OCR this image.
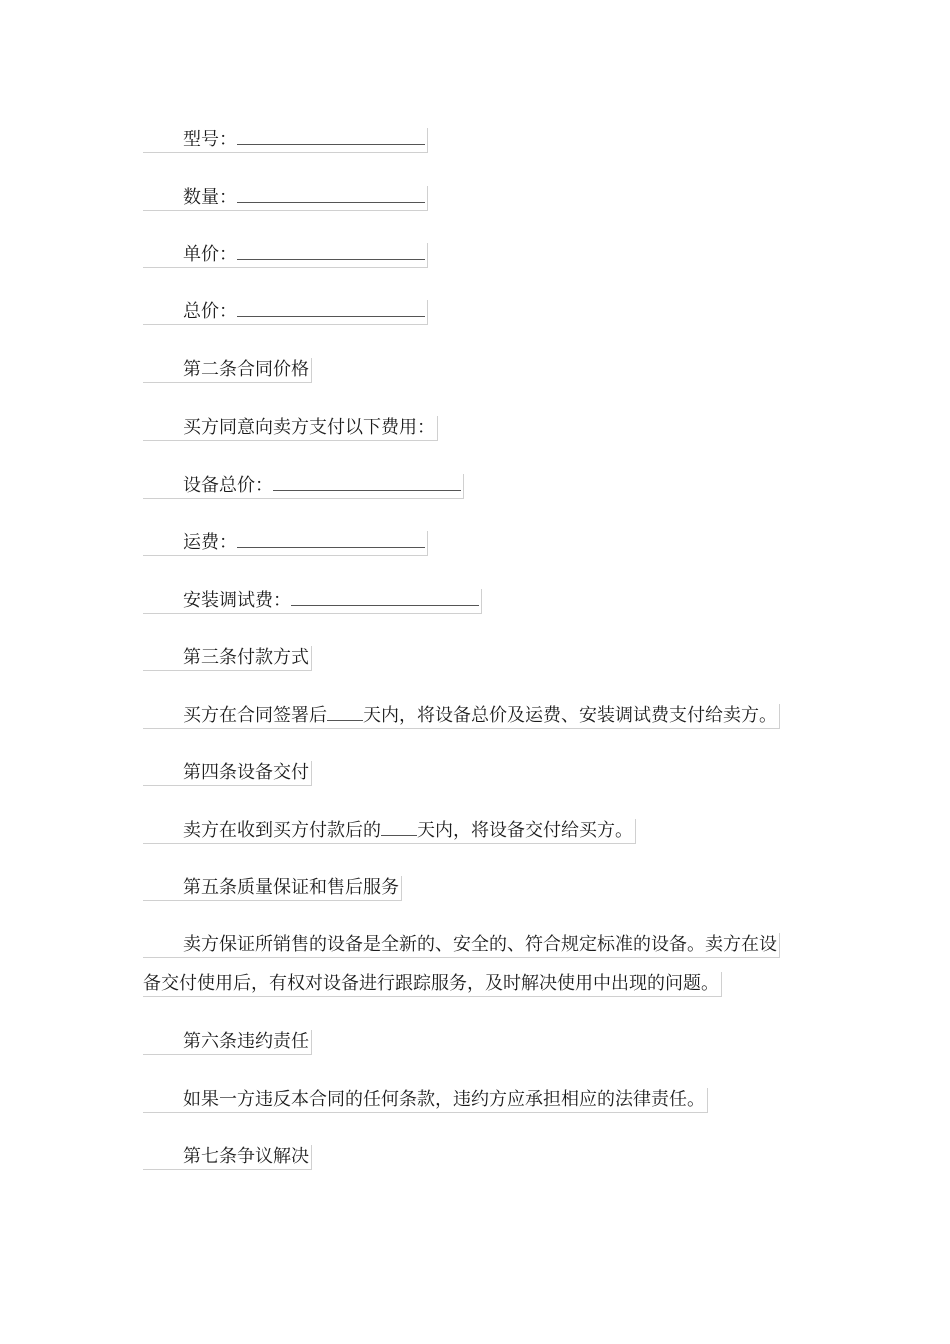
型号：
数量：
单价：
总价：
第二条合同价格
买方同意向卖方支付以下费用：
设备总价：
运费：
安装调试费：
第三条付款方式
买方在合同签署后 天内，将设备总价及运费、安装调试费支付给卖方。
第四条设备交付
卖方在收到买方付款后的 天内，将设备交付给买方。
第五条质量保证和售后服务
卖方保证所销售的设备是全新的、安全的、符合规定标准的设备。卖方在设
备交付使用后，有权对设备进行跟踪服务，及时解决使用中出现的问题。
第六条违约责任
如果一方违反本合同的任何条款，违约方应承担相应的法律责任。
第七条争议解决
